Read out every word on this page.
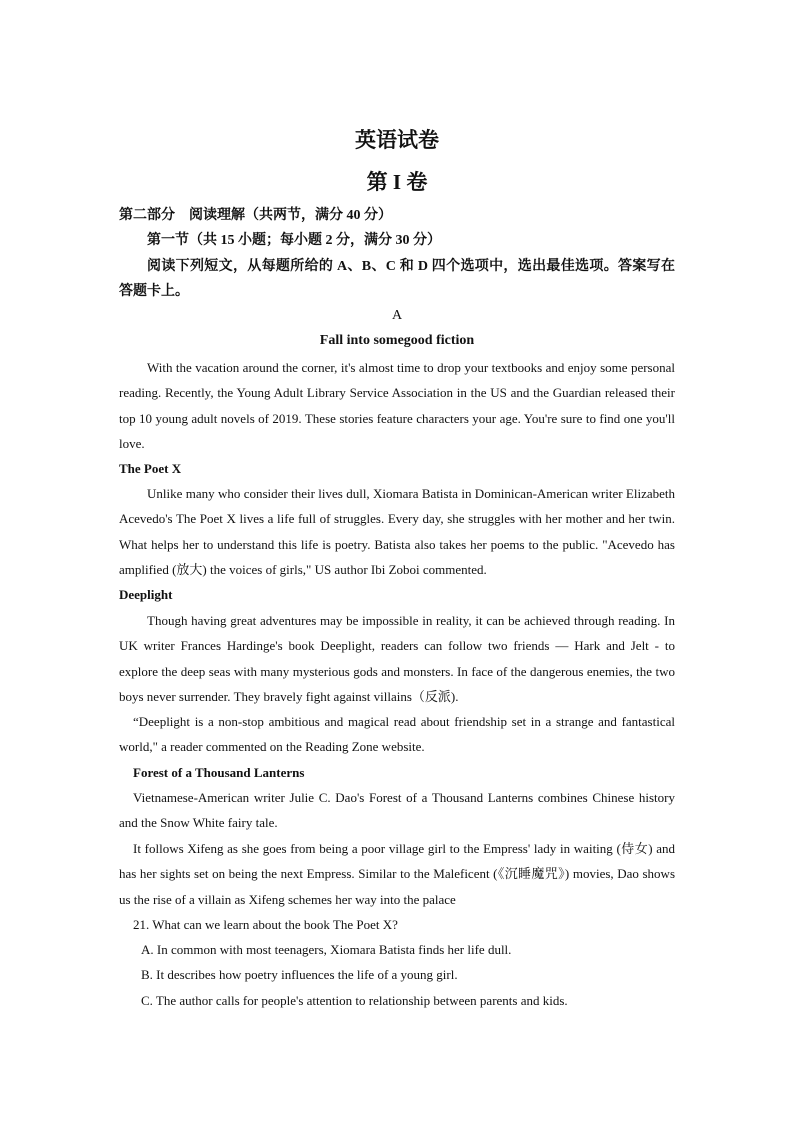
英语试卷
第 I 卷
第二部分　阅读理解（共两节，满分 40 分）
第一节（共 15 小题；每小题 2 分，满分 30 分）

阅读下列短文，从每题所给的 A、B、C 和 D 四个选项中，选出最佳选项。答案写在答题卡上。

A
Fall into somegood fiction

With the vacation around the corner, it's almost time to drop your textbooks and enjoy some personal reading. Recently, the Young Adult Library Service Association in the US and the Guardian released their top 10 young adult novels of 2019. These stories feature characters your age. You're sure to find one you'll love.

The Poet X

Unlike many who consider their lives dull, Xiomara Batista in Dominican-American writer Elizabeth Acevedo's The Poet X lives a life full of struggles. Every day, she struggles with her mother and her twin. What helps her to understand this life is poetry. Batista also takes her poems to the public. "Acevedo has amplified (放大) the voices of girls," US author Ibi Zoboi commented.

Deeplight

Though having great adventures may be impossible in reality, it can be achieved through reading. In UK writer Frances Hardinge's book Deeplight, readers can follow two friends — Hark and Jelt - to explore the deep seas with many mysterious gods and monsters. In face of the dangerous enemies, the two boys never surrender. They bravely fight against villains（反派).

“Deeplight is a non-stop ambitious and magical read about friendship set in a strange and fantastical world," a reader commented on the Reading Zone website.

Forest of a Thousand Lanterns

Vietnamese-American writer Julie C. Dao's Forest of a Thousand Lanterns combines Chinese history and the Snow White fairy tale.

It follows Xifeng as she goes from being a poor village girl to the Empress' lady in waiting (侍女) and has her sights set on being the next Empress. Similar to the Maleficent (《沉睡魔咒》) movies, Dao shows us the rise of a villain as Xifeng schemes her way into the palace

21. What can we learn about the book The Poet X?
A. In common with most teenagers, Xiomara Batista finds her life dull.
B. It describes how poetry influences the life of a young girl.
C. The author calls for people's attention to relationship between parents and kids.
